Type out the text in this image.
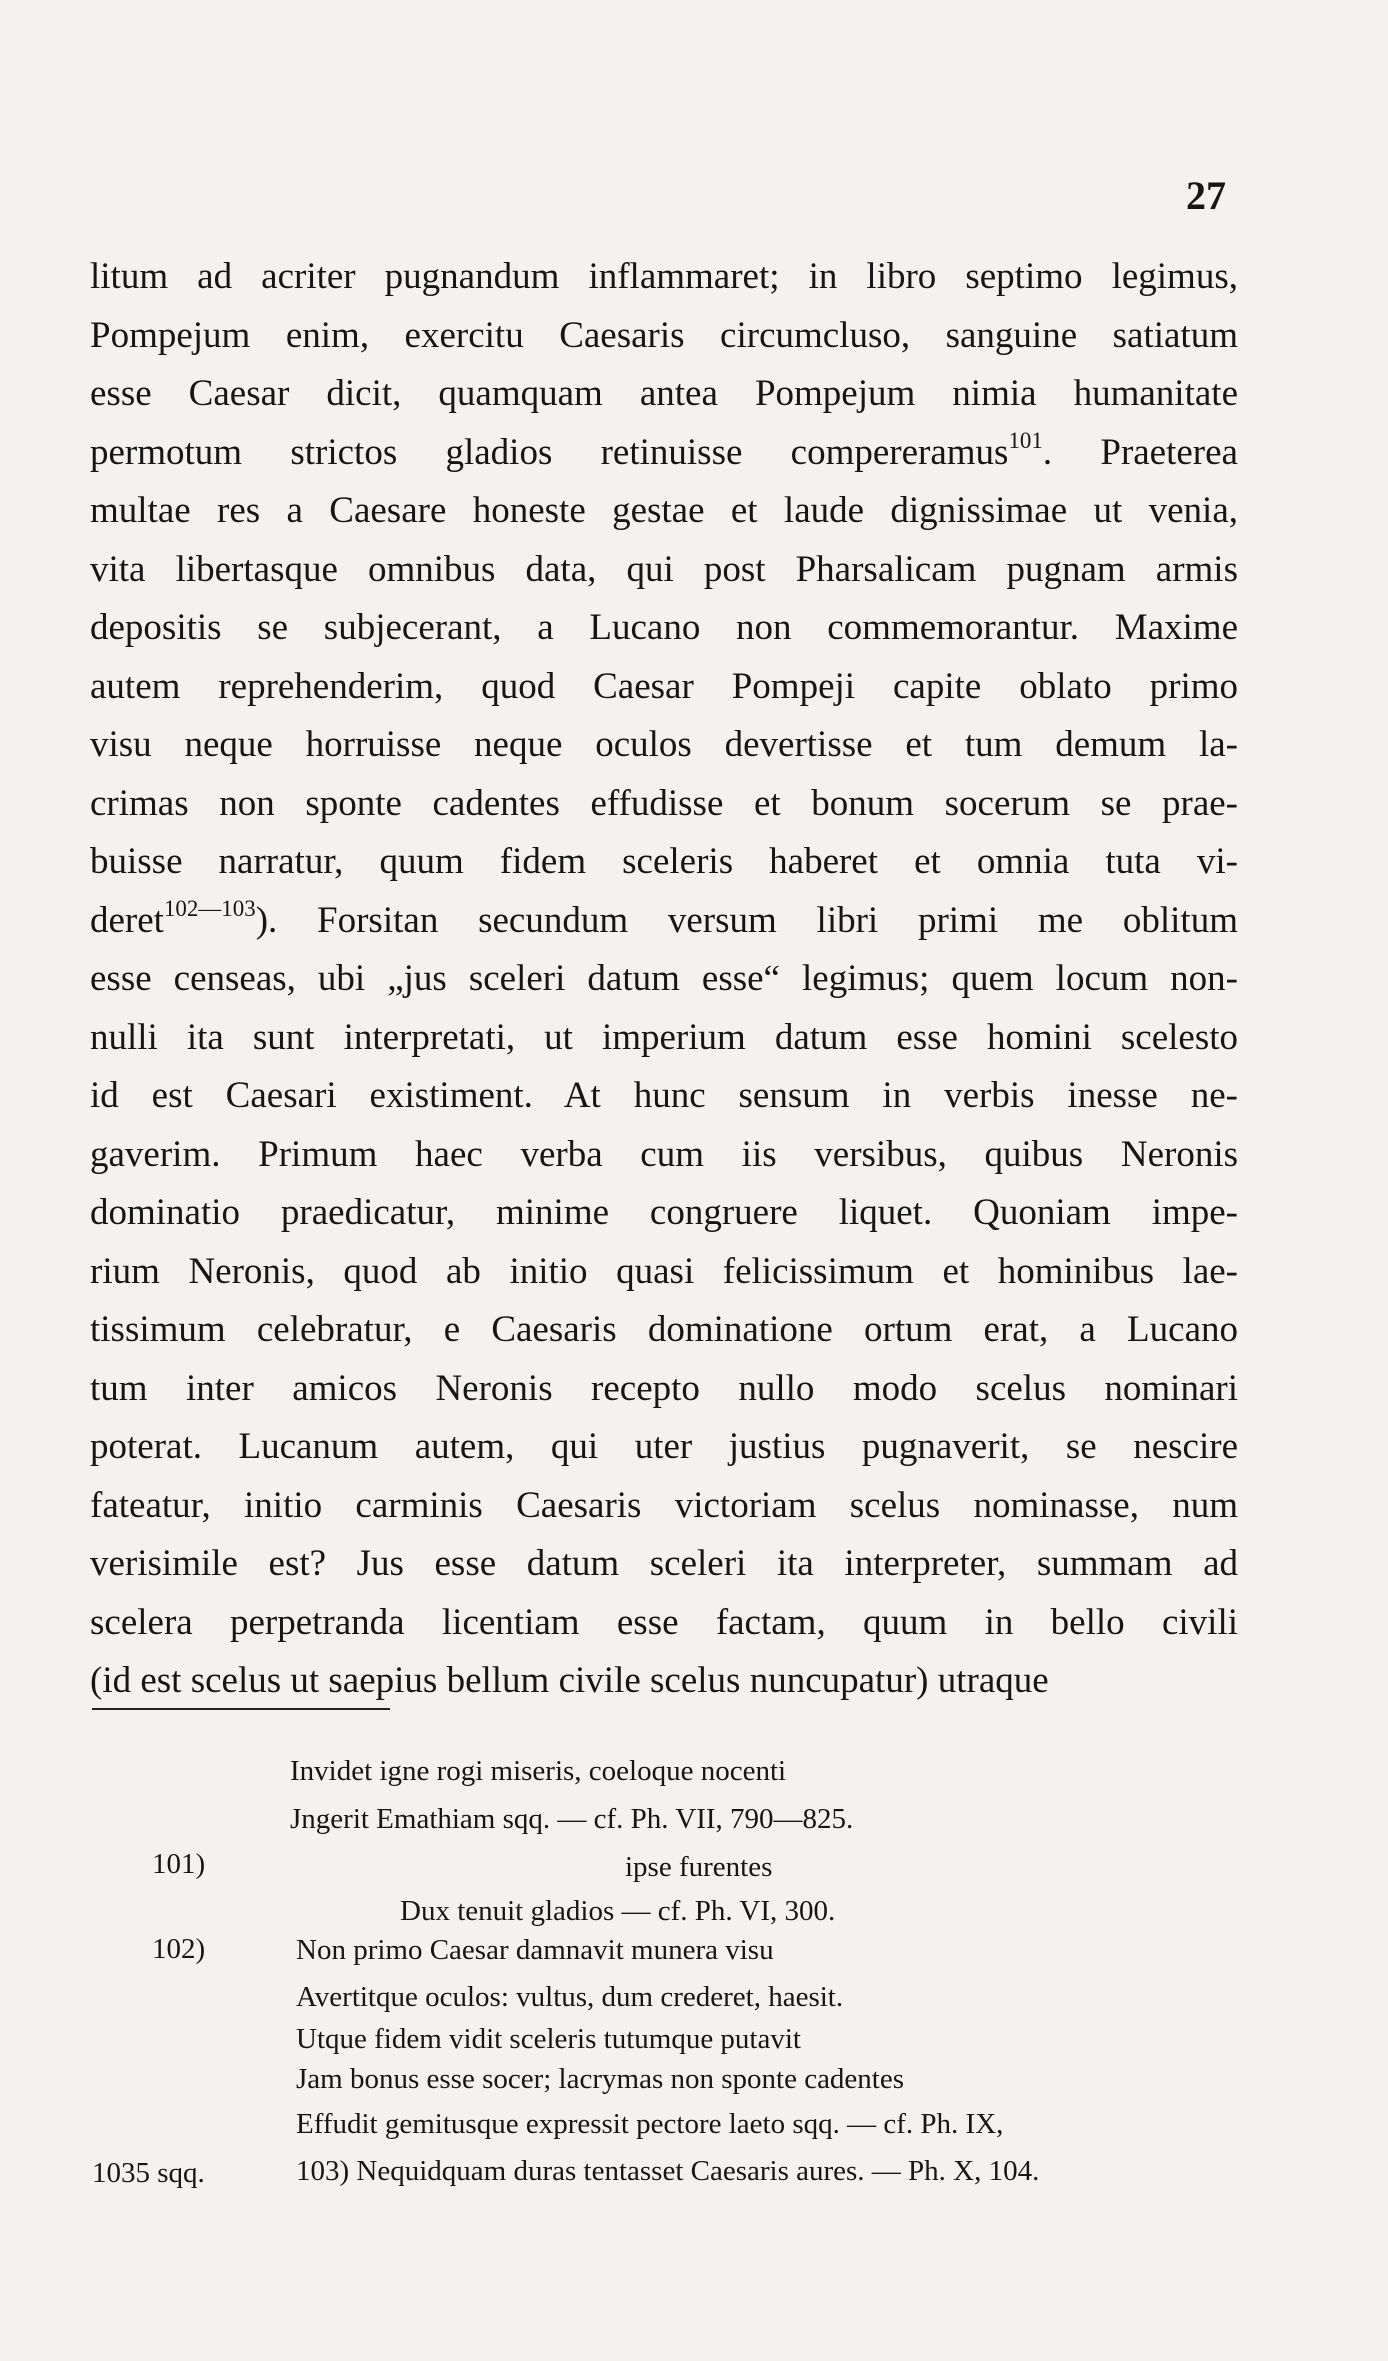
27
litum ad acriter pugnandum inflammaret; in libro septimo legimus,
Pompejum enim, exercitu Caesaris circumcluso, sanguine satiatum
esse Caesar dicit, quamquam antea Pompejum nimia humanitate
permotum strictos gladios retinuisse compereramus$^{101}$. Praeterea
multae res a Caesare honeste gestae et laude dignissimae ut venia,
vita libertasque omnibus data, qui post Pharsalicam pugnam armis
depositis se subjecerant, a Lucano non commemorantur. Maxime
autem reprehenderim, quod Caesar Pompeji capite oblato primo
visu neque horruisse neque oculos devertisse et tum demum la-
crimas non sponte cadentes effudisse et bonum socerum se prae-
buisse narratur, quum fidem sceleris haberet et omnia tuta vi-
deret$^{102—103}$). Forsitan secundum versum libri primi me oblitum
esse censeas, ubi „jus sceleri datum esse“ legimus; quem locum non-
nulli ita sunt interpretati, ut imperium datum esse homini scelesto
id est Caesari existiment. At hunc sensum in verbis inesse ne-
gaverim. Primum haec verba cum iis versibus, quibus Neronis
dominatio praedicatur, minime congruere liquet. Quoniam impe-
rium Neronis, quod ab initio quasi felicissimum et hominibus lae-
tissimum celebratur, e Caesaris dominatione ortum erat, a Lucano
tum inter amicos Neronis recepto nullo modo scelus nominari
poterat. Lucanum autem, qui uter justius pugnaverit, se nescire
fateatur, initio carminis Caesaris victoriam scelus nominasse, num
verisimile est? Jus esse datum sceleri ita interpreter, summam ad
scelera perpetranda licentiam esse factam, quum in bello civili
(id est scelus ut saepius bellum civile scelus nuncupatur) utraque
Invidet igne rogi miseris, coeloque nocenti
Jngerit Emathiam sqq. — cf. Ph. VII, 790—825.
101)	ipse furentes
Dux tenuit gladios — cf. Ph. VI, 300.
102)	Non primo Caesar damnavit munera visu
Avertitque oculos: vultus, dum crederet, haesit.
Utque fidem vidit sceleris tutumque putavit
Jam bonus esse socer; lacrymas non sponte cadentes
Effudit gemitusque expressit pectore laeto sqq. — cf. Ph. IX,
1035 sqq.	103) Nequidquam duras tentasset Caesaris aures. — Ph. X, 104.
